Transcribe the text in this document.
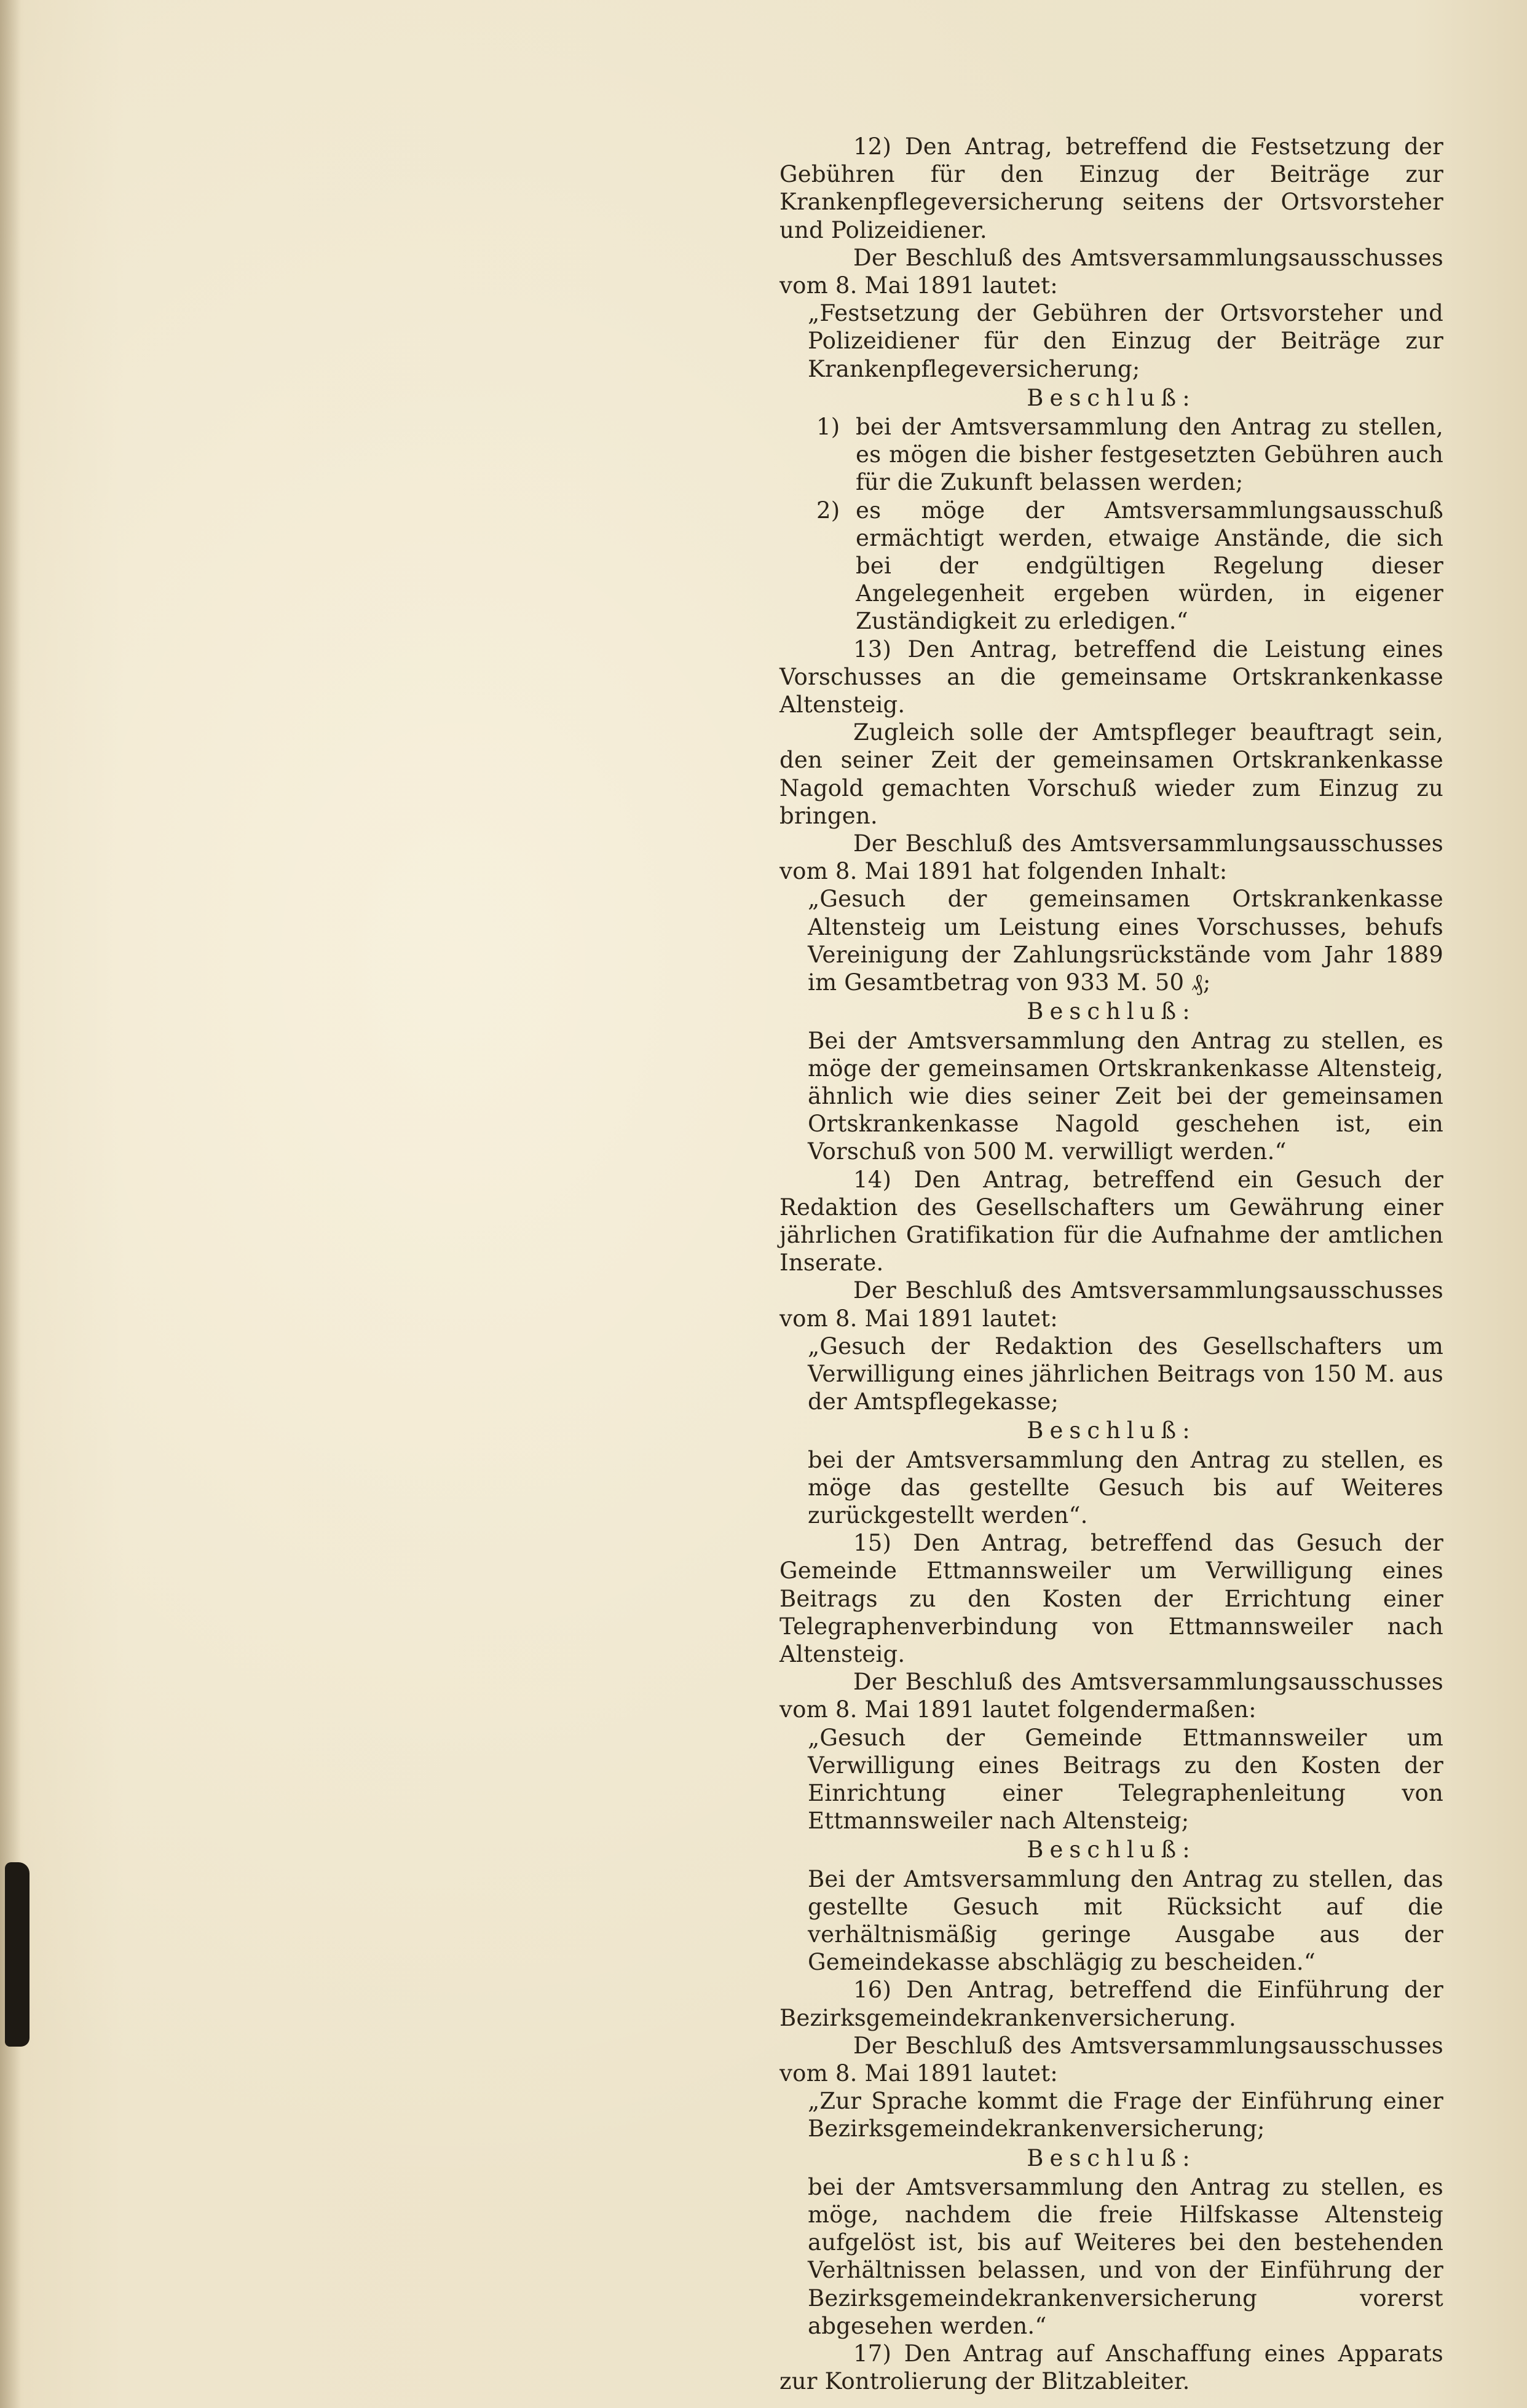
12) Den Antrag, betreffend die Festsetzung der Gebühren für den Einzug der Beiträge zur Krankenpflegeversicherung seitens der Ortsvorsteher und Polizeidiener.

Der Beschluß des Amtsversammlungsausschusses vom 8. Mai 1891 lautet:

„Festsetzung der Gebühren der Ortsvorsteher und Polizeidiener für den Einzug der Beiträge zur Krankenpflegeversicherung;

Beschluß:

1) bei der Amtsversammlung den Antrag zu stellen, es mögen die bisher festgesetzten Gebühren auch für die Zukunft belassen werden;
2) es möge der Amtsversammlungsausschuß ermächtigt werden, etwaige Anstände, die sich bei der endgültigen Regelung dieser Angelegenheit ergeben würden, in eigener Zuständigkeit zu erledigen.“

13) Den Antrag, betreffend die Leistung eines Vorschusses an die gemeinsame Ortskrankenkasse Altensteig.

Zugleich solle der Amtspfleger beauftragt sein, den seiner Zeit der gemeinsamen Ortskrankenkasse Nagold gemachten Vorschuß wieder zum Einzug zu bringen.

Der Beschluß des Amtsversammlungsausschusses vom 8. Mai 1891 hat folgenden Inhalt:

„Gesuch der gemeinsamen Ortskrankenkasse Altensteig um Leistung eines Vorschusses, behufs Vereinigung der Zahlungsrückstände vom Jahr 1889 im Gesamtbetrag von 933 M. 50 ₰;

Beschluß:

Bei der Amtsversammlung den Antrag zu stellen, es möge der gemeinsamen Ortskrankenkasse Altensteig, ähnlich wie dies seiner Zeit bei der gemeinsamen Ortskrankenkasse Nagold geschehen ist, ein Vorschuß von 500 M. verwilligt werden.“

14) Den Antrag, betreffend ein Gesuch der Redaktion des Gesellschafters um Gewährung einer jährlichen Gratifikation für die Aufnahme der amtlichen Inserate.

Der Beschluß des Amtsversammlungsausschusses vom 8. Mai 1891 lautet:

„Gesuch der Redaktion des Gesellschafters um Verwilligung eines jährlichen Beitrags von 150 M. aus der Amtspflegekasse;

Beschluß:

bei der Amtsversammlung den Antrag zu stellen, es möge das gestellte Gesuch bis auf Weiteres zurückgestellt werden“.

15) Den Antrag, betreffend das Gesuch der Gemeinde Ettmannsweiler um Verwilligung eines Beitrags zu den Kosten der Errichtung einer Telegraphenverbindung von Ettmannsweiler nach Altensteig.

Der Beschluß des Amtsversammlungsausschusses vom 8. Mai 1891 lautet folgendermaßen:

„Gesuch der Gemeinde Ettmannsweiler um Verwilligung eines Beitrags zu den Kosten der Einrichtung einer Telegraphenleitung von Ettmannsweiler nach Altensteig;

Beschluß:

Bei der Amtsversammlung den Antrag zu stellen, das gestellte Gesuch mit Rücksicht auf die verhältnismäßig geringe Ausgabe aus der Gemeindekasse abschlägig zu bescheiden.“

16) Den Antrag, betreffend die Einführung der Bezirksgemeindekrankenversicherung.

Der Beschluß des Amtsversammlungsausschusses vom 8. Mai 1891 lautet:

„Zur Sprache kommt die Frage der Einführung einer Bezirksgemeindekrankenversicherung;

Beschluß:

bei der Amtsversammlung den Antrag zu stellen, es möge, nachdem die freie Hilfskasse Altensteig aufgelöst ist, bis auf Weiteres bei den bestehenden Verhältnissen belassen, und von der Einführung der Bezirksgemeindekrankenversicherung vorerst abgesehen werden.“

17) Den Antrag auf Anschaffung eines Apparats zur Kontrolierung der Blitzableiter.
